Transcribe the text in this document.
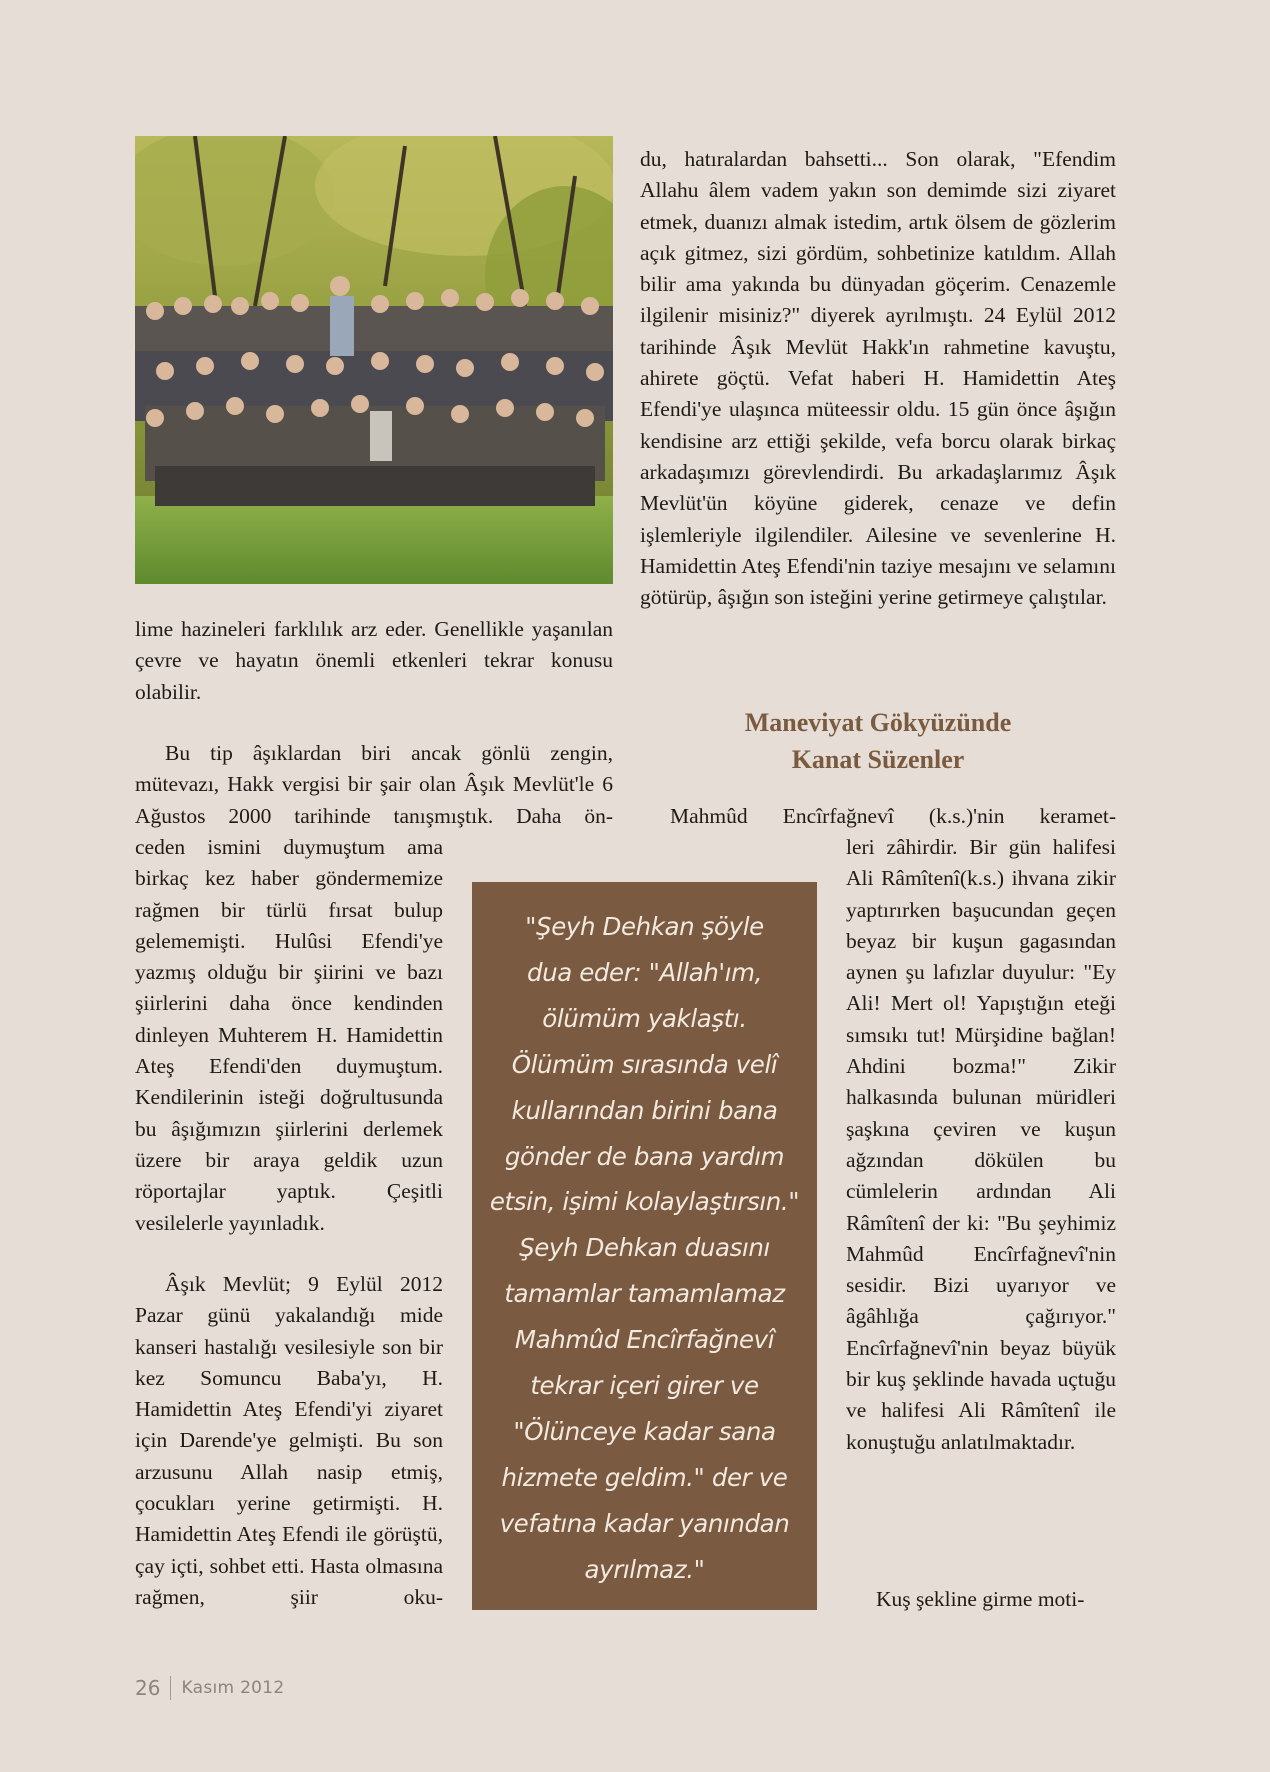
lime hazineleri farklılık arz eder. Genellikle yaşanılan çevre ve hayatın önemli etkenleri tekrar konusu olabilir.

Bu tip âşıklardan biri ancak gönlü zengin, mütevazı, Hakk vergisi bir şair olan Âşık Mevlüt'le 6 Ağustos 2000 tarihinde tanışmıştık. Daha ön-

ceden ismini duymuştum ama birkaç kez haber göndermemize rağmen bir türlü fırsat bulup gelememişti. Hulûsi Efendi'ye yazmış olduğu bir şiirini ve bazı şiirlerini daha önce kendinden dinleyen Muhterem H. Hamidettin Ateş Efendi'den duymuştum. Kendilerinin isteği doğrultusunda bu âşığımızın şiirlerini derlemek üzere bir araya geldik uzun röportajlar yaptık. Çeşitli vesilelerle yayınladık.

Âşık Mevlüt; 9 Eylül 2012 Pazar günü yakalandığı mide kanseri hastalığı vesilesiyle son bir kez Somuncu Baba'yı, H. Hamidettin Ateş Efendi'yi ziyaret için Darende'ye gelmişti. Bu son arzusunu Allah nasip etmiş, çocukları yerine getirmişti. H. Hamidettin Ateş Efendi ile görüştü, çay içti, sohbet etti. Hasta olmasına rağmen, şiir oku-

du, hatıralardan bahsetti... Son olarak, "Efendim Allahu âlem vadem yakın son demimde sizi ziyaret etmek, duanızı almak istedim, artık ölsem de gözlerim açık gitmez, sizi gördüm, sohbetinize katıldım. Allah bilir ama yakında bu dünyadan göçerim. Cenazemle ilgilenir misiniz?" diyerek ayrılmıştı. 24 Eylül 2012 tarihinde Âşık Mevlüt Hakk'ın rahmetine kavuştu, ahirete göçtü. Vefat haberi H. Hamidettin Ateş Efendi'ye ulaşınca müteessir oldu. 15 gün önce âşığın kendisine arz ettiği şekilde, vefa borcu olarak birkaç arkadaşımızı görevlendirdi. Bu arkadaşlarımız Âşık Mevlüt'ün köyüne giderek, cenaze ve defin işlemleriyle ilgilendiler. Ailesine ve sevenlerine H. Hamidettin Ateş Efendi'nin taziye mesajını ve selamını götürüp, âşığın son isteğini yerine getirmeye çalıştılar.

Maneviyat Gökyüzünde
Kanat Süzenler

Mahmûd Encîrfağnevî (k.s.)'nin keramet-

leri zâhirdir. Bir gün halifesi Ali Râmîtenî(k.s.) ihvana zikir yaptırırken başucundan geçen beyaz bir kuşun gagasından aynen şu lafızlar duyulur: "Ey Ali! Mert ol! Yapıştığın eteği sımsıkı tut! Mürşidine bağlan! Ahdini bozma!" Zikir halkasında bulunan müridleri şaşkına çeviren ve kuşun ağzından dökülen bu cümlelerin ardından Ali Râmîtenî der ki: "Bu şeyhimiz Mahmûd Encîrfağnevî'nin sesidir. Bizi uyarıyor ve âgâhlığa çağırıyor." Encîrfağnevî'nin beyaz büyük bir kuş şeklinde havada uçtuğu ve halifesi Ali Râmîtenî ile konuştuğu anlatılmaktadır.

Kuş şekline girme moti-

"Şeyh Dehkan şöyle
dua eder: "Allah'ım,
ölümüm yaklaştı.
Ölümüm sırasında velî
kullarından birini bana
gönder de bana yardım
etsin, işimi kolaylaştırsın."
Şeyh Dehkan duasını
tamamlar tamamlamaz
Mahmûd Encîrfağnevî
tekrar içeri girer ve
"Ölünceye kadar sana
hizmete geldim." der ve
vefatına kadar yanından
ayrılmaz."

26 Kasım 2012
